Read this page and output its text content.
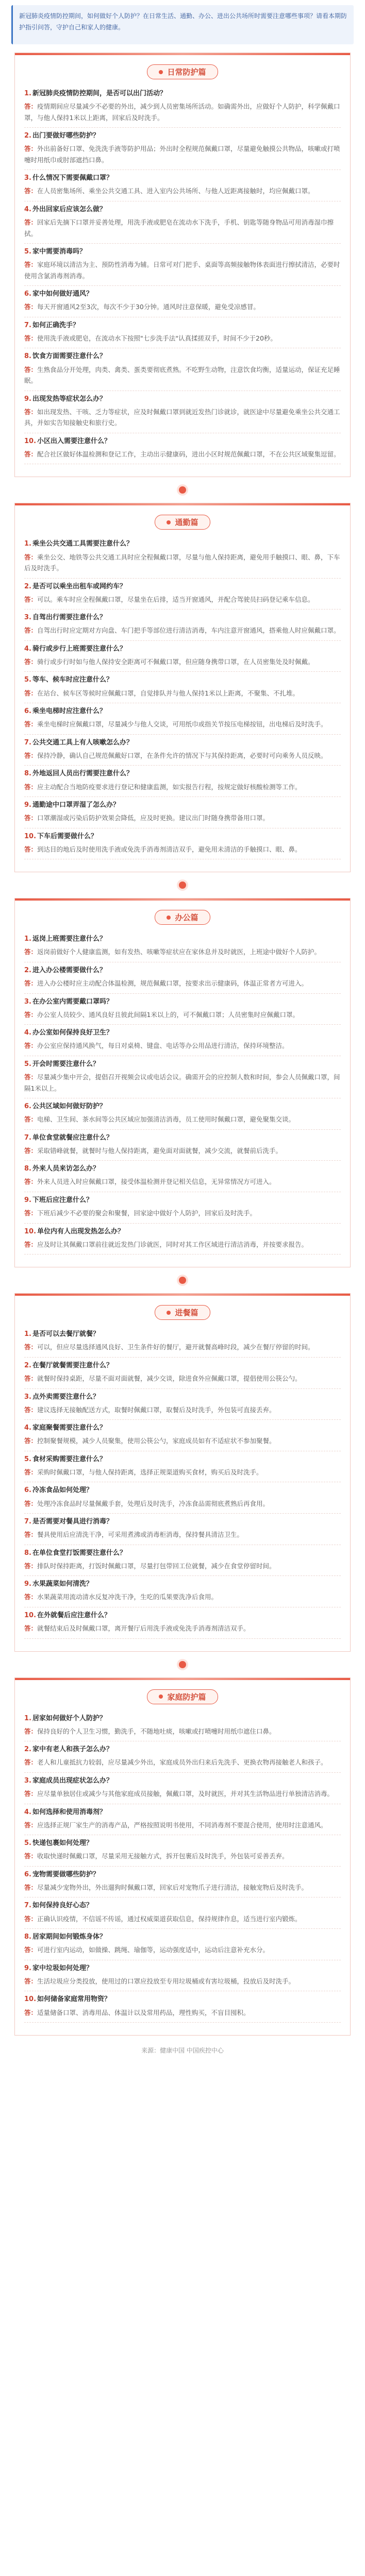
新冠肺炎疫情防控期间，如何做好个人防护？在日常生活、通勤、办公、进出公共场所时需要注意哪些事项？请看本期防护指引问答，守护自己和家人的健康。
日常防护篇
1. 新冠肺炎疫情防控期间，是否可以出门活动？
答：疫情期间应尽量减少不必要的外出，减少到人员密集场所活动。如确需外出，应做好个人防护，科学佩戴口罩，与他人保持1米以上距离，回家后及时洗手。
2. 出门要做好哪些防护？
答：外出前备好口罩、免洗洗手液等防护用品；外出时全程规范佩戴口罩，尽量避免触摸公共物品，咳嗽或打喷嚏时用纸巾或肘部遮挡口鼻。
3. 什么情况下需要佩戴口罩？
答：在人员密集场所、乘坐公共交通工具、进入室内公共场所、与他人近距离接触时，均应佩戴口罩。
4. 外出回家后应该怎么做？
答：回家后先摘下口罩并妥善处理，用洗手液或肥皂在流动水下洗手，手机、钥匙等随身物品可用消毒湿巾擦拭。
5. 家中需要消毒吗？
答：家庭环境以清洁为主、预防性消毒为辅。日常可对门把手、桌面等高频接触物体表面进行擦拭清洁，必要时使用含氯消毒剂消毒。
6. 家中如何做好通风？
答：每天开窗通风2至3次，每次不少于30分钟。通风时注意保暖，避免受凉感冒。
7. 如何正确洗手？
答：使用洗手液或肥皂，在流动水下按照"七步洗手法"认真揉搓双手，时间不少于20秒。
8. 饮食方面需要注意什么？
答：生熟食品分开处理，肉类、禽类、蛋类要彻底煮熟。不吃野生动物，注意饮食均衡，适量运动，保证充足睡眠。
9. 出现发热等症状怎么办？
答：如出现发热、干咳、乏力等症状，应及时佩戴口罩到就近发热门诊就诊，就医途中尽量避免乘坐公共交通工具，并如实告知接触史和旅行史。
10. 小区出入需要注意什么？
答：配合社区做好体温检测和登记工作，主动出示健康码，进出小区时规范佩戴口罩，不在公共区域聚集逗留。
通勤篇
1. 乘坐公共交通工具需要注意什么？
答：乘坐公交、地铁等公共交通工具时应全程佩戴口罩，尽量与他人保持距离，避免用手触摸口、眼、鼻，下车后及时洗手。
2. 是否可以乘坐出租车或网约车？
答：可以。乘车时应全程佩戴口罩，尽量坐在后排，适当开窗通风，并配合驾驶员扫码登记乘车信息。
3. 自驾出行需要注意什么？
答：自驾出行时应定期对方向盘、车门把手等部位进行清洁消毒，车内注意开窗通风，搭乘他人时应佩戴口罩。
4. 骑行或步行上班需要注意什么？
答：骑行或步行时如与他人保持安全距离可不佩戴口罩，但应随身携带口罩，在人员密集处及时佩戴。
5. 等车、候车时应注意什么？
答：在站台、候车区等候时应佩戴口罩，自觉排队并与他人保持1米以上距离，不聚集、不扎堆。
6. 乘坐电梯时应注意什么？
答：乘坐电梯时应佩戴口罩，尽量减少与他人交谈，可用纸巾或指关节按压电梯按钮，出电梯后及时洗手。
7. 公共交通工具上有人咳嗽怎么办？
答：保持冷静，确认自己规范佩戴好口罩，在条件允许的情况下与其保持距离，必要时可向乘务人员反映。
8. 外地返回人员出行需要注意什么？
答：应主动配合当地防疫要求进行登记和健康监测，如实报告行程，按规定做好核酸检测等工作。
9. 通勤途中口罩弄湿了怎么办？
答：口罩潮湿或污染后防护效果会降低，应及时更换。建议出门时随身携带备用口罩。
10. 下车后需要做什么？
答：到达目的地后及时使用洗手液或免洗手消毒剂清洁双手，避免用未清洁的手触摸口、眼、鼻。
办公篇
1. 返岗上班需要注意什么？
答：返岗前做好个人健康监测，如有发热、咳嗽等症状应在家休息并及时就医，上班途中做好个人防护。
2. 进入办公楼需要做什么？
答：进入办公楼时应主动配合体温检测，规范佩戴口罩，按要求出示健康码，体温正常者方可进入。
3. 在办公室内需要戴口罩吗？
答：办公室人员较少、通风良好且彼此间隔1米以上的，可不佩戴口罩；人员密集时应佩戴口罩。
4. 办公室如何保持良好卫生？
答：办公室应保持通风换气，每日对桌椅、键盘、电话等办公用品进行清洁，保持环境整洁。
5. 开会时需要注意什么？
答：尽量减少集中开会，提倡召开视频会议或电话会议。确需开会的应控制人数和时间，参会人员佩戴口罩，间隔1米以上。
6. 公共区域如何做好防护？
答：电梯、卫生间、茶水间等公共区域应加强清洁消毒，员工使用时佩戴口罩，避免聚集交谈。
7. 单位食堂就餐应注意什么？
答：采取错峰就餐，就餐时与他人保持距离，避免面对面就餐，减少交流，就餐前后洗手。
8. 外来人员来访怎么办？
答：外来人员进入时应佩戴口罩，接受体温检测并登记相关信息，无异常情况方可进入。
9. 下班后应注意什么？
答：下班后减少不必要的聚会和聚餐，回家途中做好个人防护，回家后及时洗手。
10. 单位内有人出现发热怎么办？
答：应及时让其佩戴口罩前往就近发热门诊就医，同时对其工作区域进行清洁消毒，并按要求报告。
进餐篇
1. 是否可以去餐厅就餐？
答：可以，但应尽量选择通风良好、卫生条件好的餐厅，避开就餐高峰时段，减少在餐厅停留的时间。
2. 在餐厅就餐需要注意什么？
答：就餐时保持桌距，尽量不面对面就餐，减少交谈，除进食外应佩戴口罩，提倡使用公筷公勺。
3. 点外卖需要注意什么？
答：建议选择无接触配送方式，取餐时佩戴口罩，取餐后及时洗手，外包装可直接丢弃。
4. 家庭聚餐需要注意什么？
答：控制聚餐规模，减少人员聚集，使用公筷公勺，家庭成员如有不适症状不参加聚餐。
5. 食材采购需要注意什么？
答：采购时佩戴口罩，与他人保持距离，选择正规渠道购买食材，购买后及时洗手。
6. 冷冻食品如何处理？
答：处理冷冻食品时尽量佩戴手套，处理后及时洗手，冷冻食品需彻底煮熟后再食用。
7. 是否需要对餐具进行消毒？
答：餐具使用后应清洗干净，可采用煮沸或消毒柜消毒，保持餐具清洁卫生。
8. 在单位食堂打饭需要注意什么？
答：排队时保持距离，打饭时佩戴口罩，尽量打包带回工位就餐，减少在食堂停留时间。
9. 水果蔬菜如何清洗？
答：水果蔬菜用流动清水反复冲洗干净，生吃的瓜果要洗净后食用。
10. 在外就餐后应注意什么？
答：就餐结束后及时佩戴口罩，离开餐厅后用洗手液或免洗手消毒剂清洁双手。
家庭防护篇
1. 居家如何做好个人防护？
答：保持良好的个人卫生习惯，勤洗手，不随地吐痰，咳嗽或打喷嚏时用纸巾遮住口鼻。
2. 家中有老人和孩子怎么办？
答：老人和儿童抵抗力较弱，应尽量减少外出，家庭成员外出归来后先洗手、更换衣物再接触老人和孩子。
3. 家庭成员出现症状怎么办？
答：应尽量单独居住或减少与其他家庭成员接触，佩戴口罩，及时就医，并对其生活物品进行单独清洁消毒。
4. 如何选择和使用消毒剂？
答：应选择正规厂家生产的消毒产品，严格按照说明书使用，不同消毒剂不要混合使用，使用时注意通风。
5. 快递包裹如何处理？
答：收取快递时佩戴口罩，尽量采用无接触方式，拆开包裹后及时洗手，外包装可妥善丢弃。
6. 宠物需要做哪些防护？
答：尽量减少宠物外出，外出遛狗时佩戴口罩，回家后对宠物爪子进行清洁，接触宠物后及时洗手。
7. 如何保持良好心态？
答：正确认识疫情，不信谣不传谣，通过权威渠道获取信息，保持规律作息，适当进行室内锻炼。
8. 居家期间如何锻炼身体？
答：可进行室内运动，如做操、跳绳、瑜伽等，运动强度适中，运动后注意补充水分。
9. 家中垃圾如何处理？
答：生活垃圾应分类投放，使用过的口罩应投放至专用垃圾桶或有害垃圾桶，投放后及时洗手。
10. 如何储备家庭常用物资？
答：适量储备口罩、消毒用品、体温计以及常用药品，理性购买，不盲目囤积。
来源：健康中国 中国疾控中心
